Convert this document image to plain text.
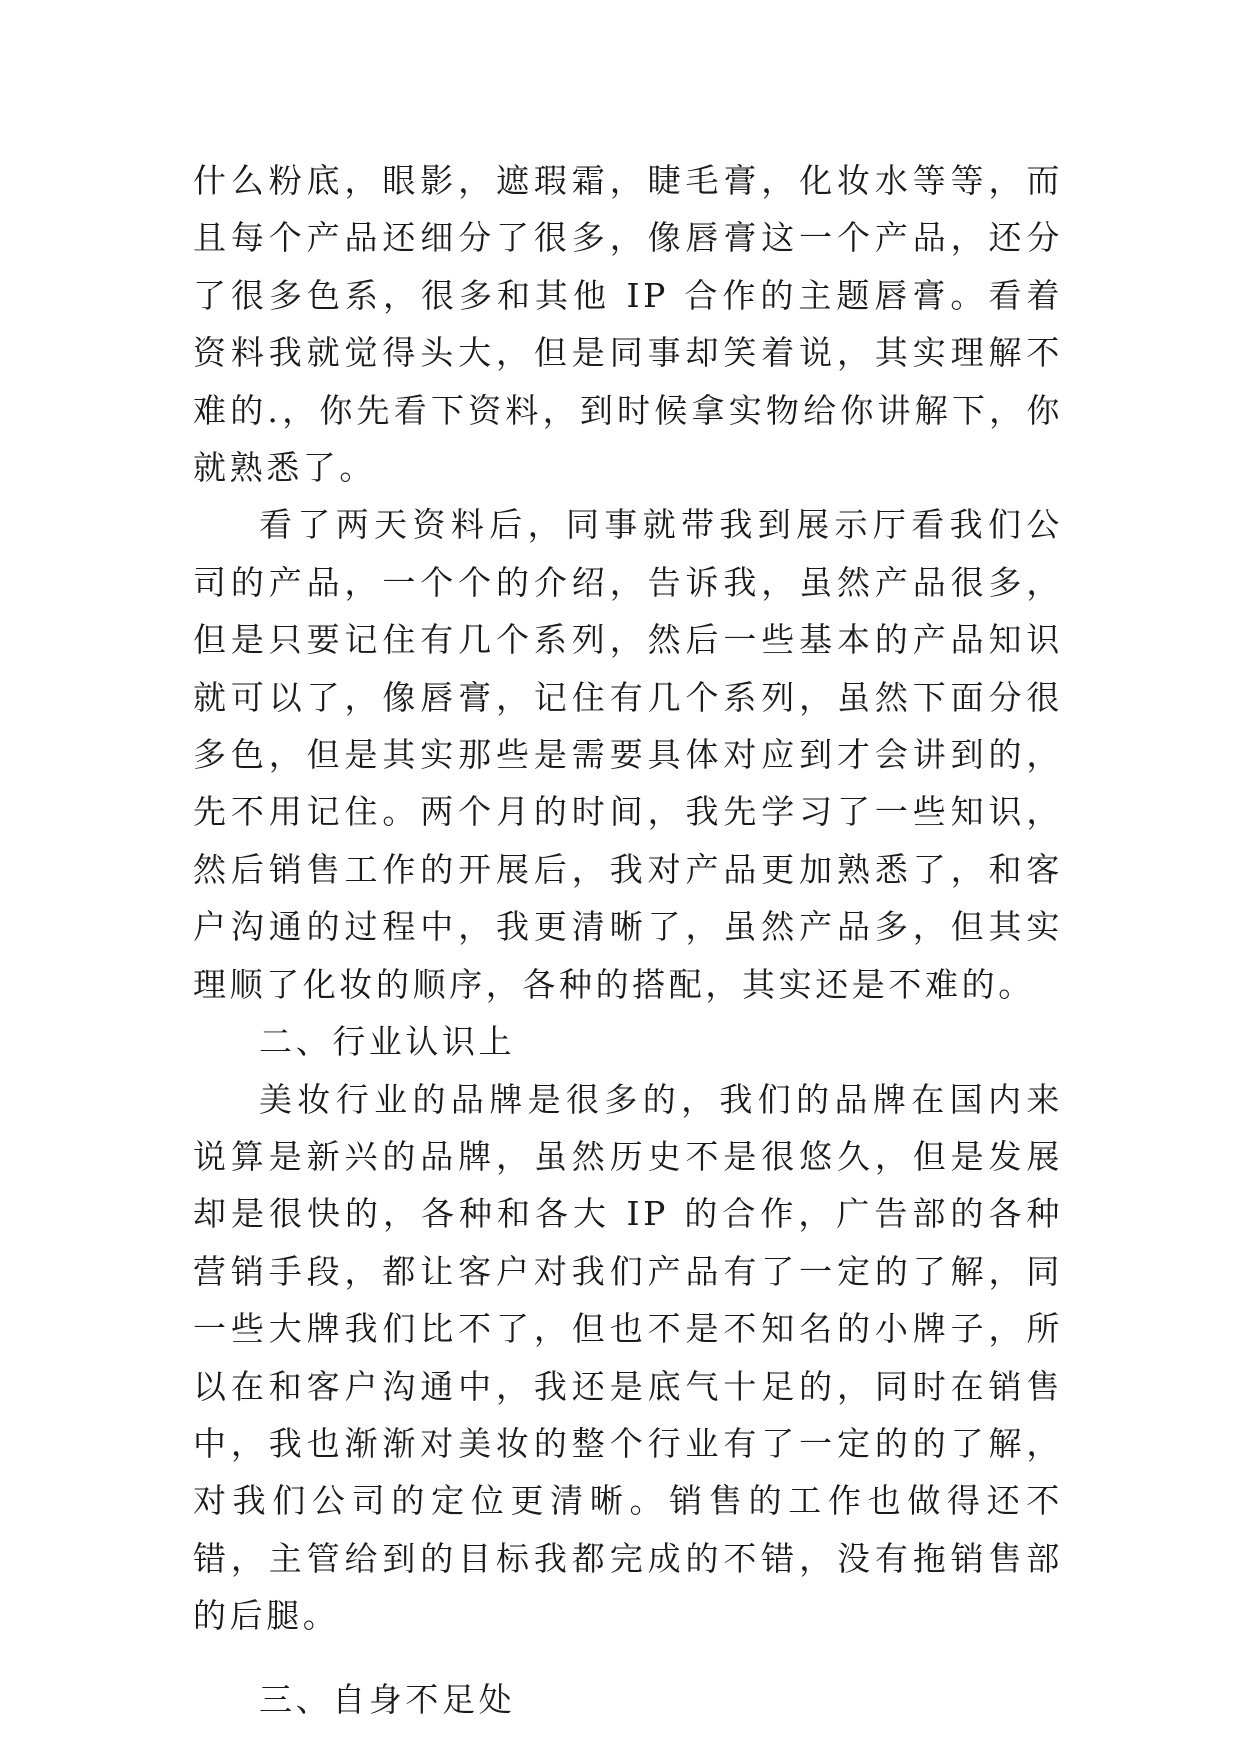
什么粉底，眼影，遮瑕霜，睫毛膏，化妆水等等，而且每个产品还细分了很多，像唇膏这一个产品，还分了很多色系，很多和其他 IP 合作的主题唇膏。看着资料我就觉得头大，但是同事却笑着说，其实理解不难的.，你先看下资料，到时候拿实物给你讲解下，你就熟悉了。

看了两天资料后，同事就带我到展示厅看我们公司的产品，一个个的介绍，告诉我，虽然产品很多，但是只要记住有几个系列，然后一些基本的产品知识就可以了，像唇膏，记住有几个系列，虽然下面分很多色，但是其实那些是需要具体对应到才会讲到的，先不用记住。两个月的时间，我先学习了一些知识，然后销售工作的开展后，我对产品更加熟悉了，和客户沟通的过程中，我更清晰了，虽然产品多，但其实理顺了化妆的顺序，各种的搭配，其实还是不难的。

二、行业认识上

美妆行业的品牌是很多的，我们的品牌在国内来说算是新兴的品牌，虽然历史不是很悠久，但是发展却是很快的，各种和各大 IP 的合作，广告部的各种营销手段，都让客户对我们产品有了一定的了解，同一些大牌我们比不了，但也不是不知名的小牌子，所以在和客户沟通中，我还是底气十足的，同时在销售中，我也渐渐对美妆的整个行业有了一定的的了解，对我们公司的定位更清晰。销售的工作也做得还不错，主管给到的目标我都完成的不错，没有拖销售部的后腿。

三、自身不足处
